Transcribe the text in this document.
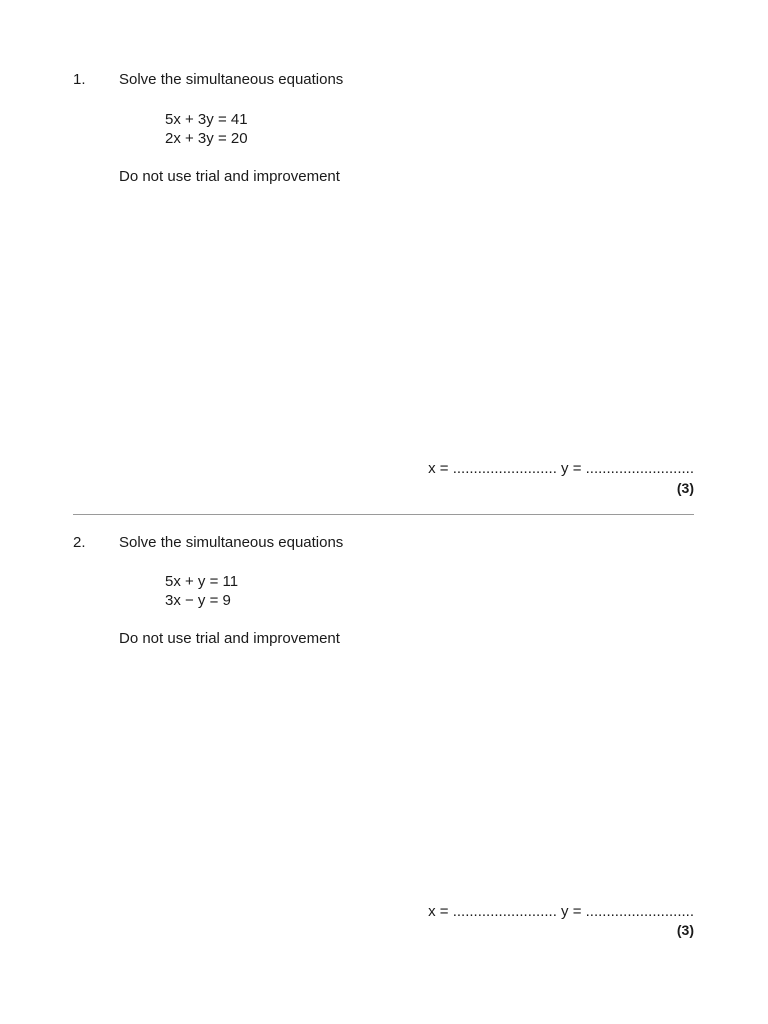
1. Solve the simultaneous equations
5x + 3y = 41
2x + 3y = 20
Do not use trial and improvement
x = ......................... y = ..........................
(3)
2. Solve the simultaneous equations
5x + y = 11
3x − y = 9
Do not use trial and improvement
x = ......................... y = ..........................
(3)
